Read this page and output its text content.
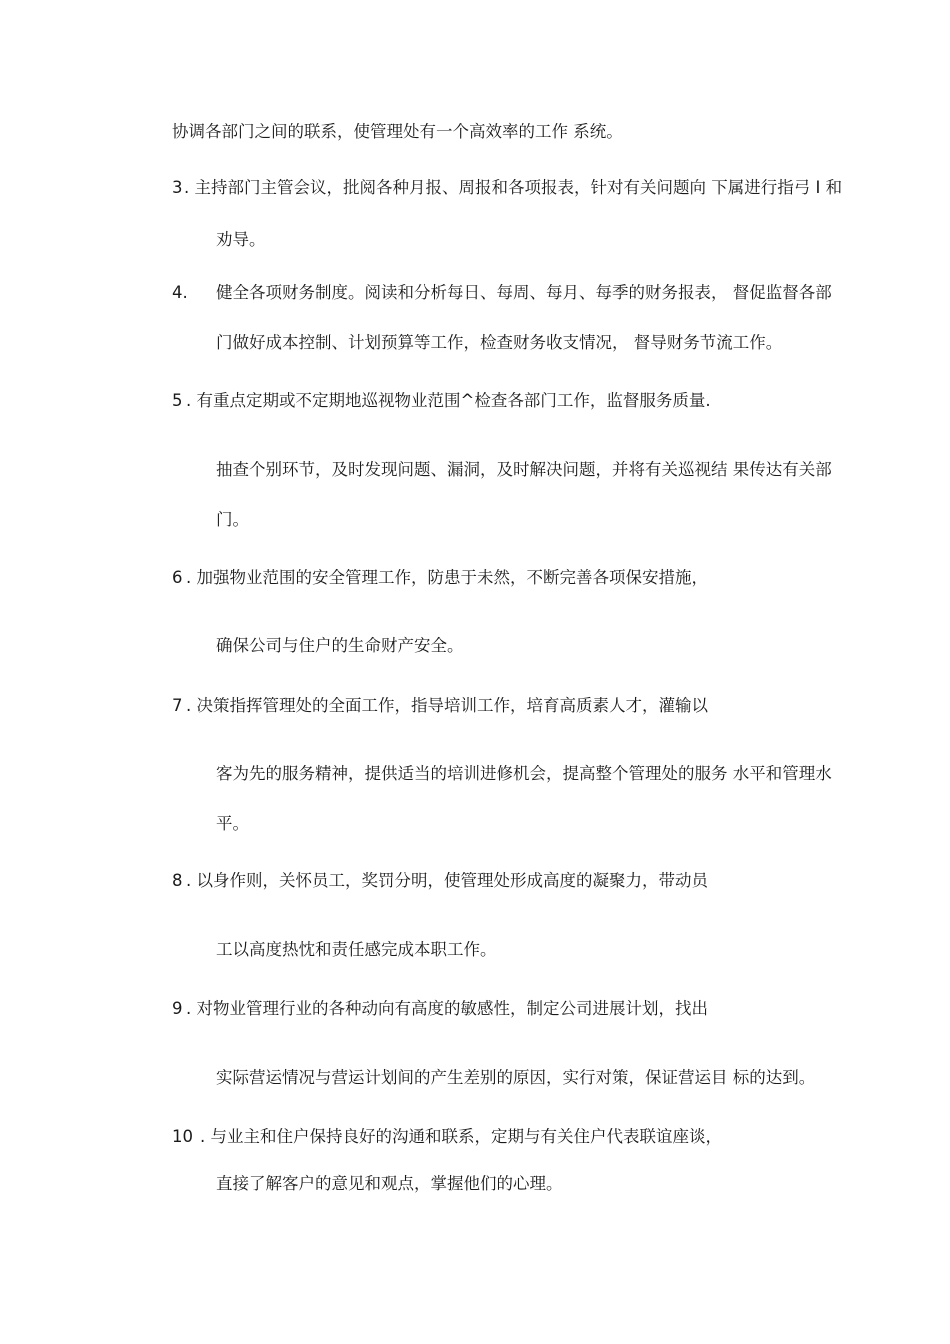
协调各部门之间的联系，使管理处有一个高效率的工作 系统。
3 . 主持部门主管会议，批阅各种月报、周报和各项报表，针对有关问题向 下属进行指弓 I 和
劝导。
4. 健全各项财务制度。阅读和分析每日、每周、每月、每季的财务报表， 督促监督各部
门做好成本控制、计划预算等工作，检查财务收支情况， 督导财务节流工作。
5 . 有重点定期或不定期地巡视物业范围^检查各部门工作，监督服务质量.
抽查个别环节，及时发现问题、漏洞，及时解决问题，并将有关巡视结 果传达有关部
门。
6 . 加强物业范围的安全管理工作，防患于未然，不断完善各项保安措施，
确保公司与住户的生命财产安全。
7 . 决策指挥管理处的全面工作，指导培训工作，培育高质素人才，灌输以
客为先的服务精神，提供适当的培训进修机会，提高整个管理处的服务 水平和管理水
平。
8 . 以身作则，关怀员工，奖罚分明，使管理处形成高度的凝聚力，带动员
工以高度热忱和责任感完成本职工作。
9 . 对物业管理行业的各种动向有高度的敏感性，制定公司进展计划，找出
实际营运情况与营运计划间的产生差别的原因，实行对策，保证营运目 标的达到。
10 . 与业主和住户保持良好的沟通和联系，定期与有关住户代表联谊座谈，
直接了解客户的意见和观点，掌握他们的心理。
